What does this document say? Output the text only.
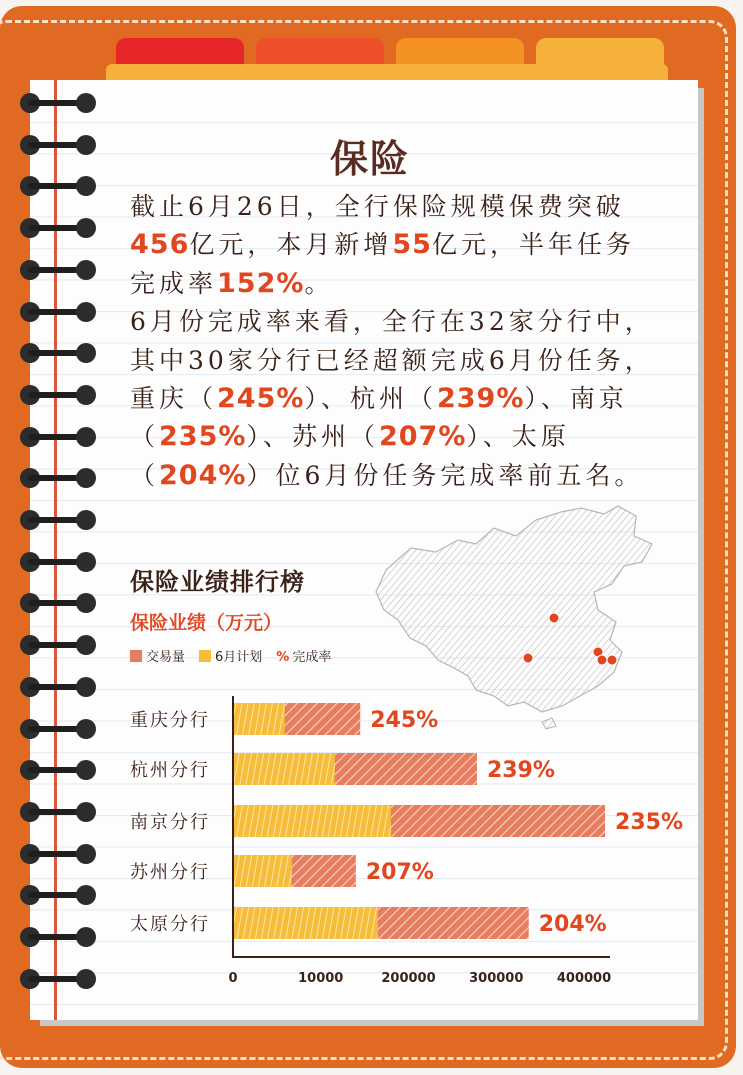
保险
截止6月26日，全行保险规模保费突破456亿元，本月新增55亿元，半年任务完成率152%。
6月份完成率来看，全行在32家分行中，其中30家分行已经超额完成6月份任务，重庆（245%）、杭州（239%）、南京（235%）、苏州（207%）、太原（204%）位6月份任务完成率前五名。
保险业绩排行榜
保险业绩（万元）
交易量	6月计划 % 完成率
重庆分行	245%
杭州分行	239%
南京分行	235%
苏州分行	207%
太原分行	204%
0	10000	200000	300000	400000
